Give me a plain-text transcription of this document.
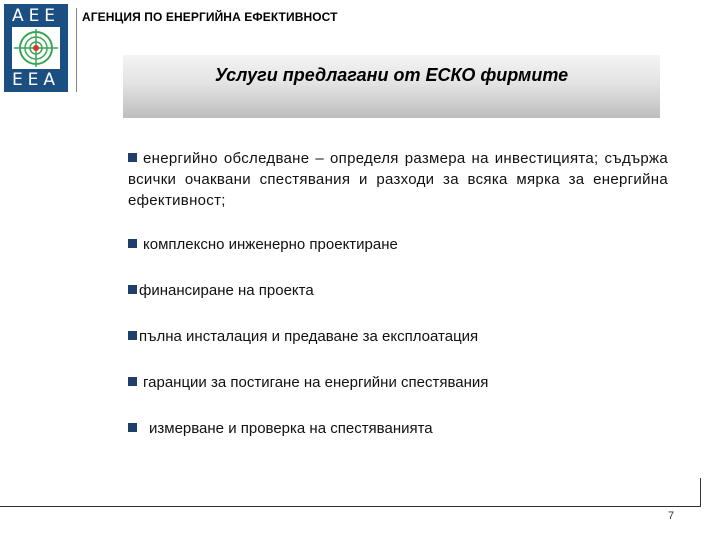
AEE
EEA
АГЕНЦИЯ ПО ЕНЕРГИЙНА ЕФЕКТИВНОСТ
Услуги предлагани от ЕСКО фирмите
енергийно обследване – определя размера на инвестицията; съдържа всички очаквани спестявания и разходи за всяка мярка за енергийна ефективност;
комплексно инженерно проектиране
финансиране на проекта
пълна инсталация и предаване за експлоатация
гаранции за постигане на енергийни спестявания
измерване и проверка на спестяванията
7
